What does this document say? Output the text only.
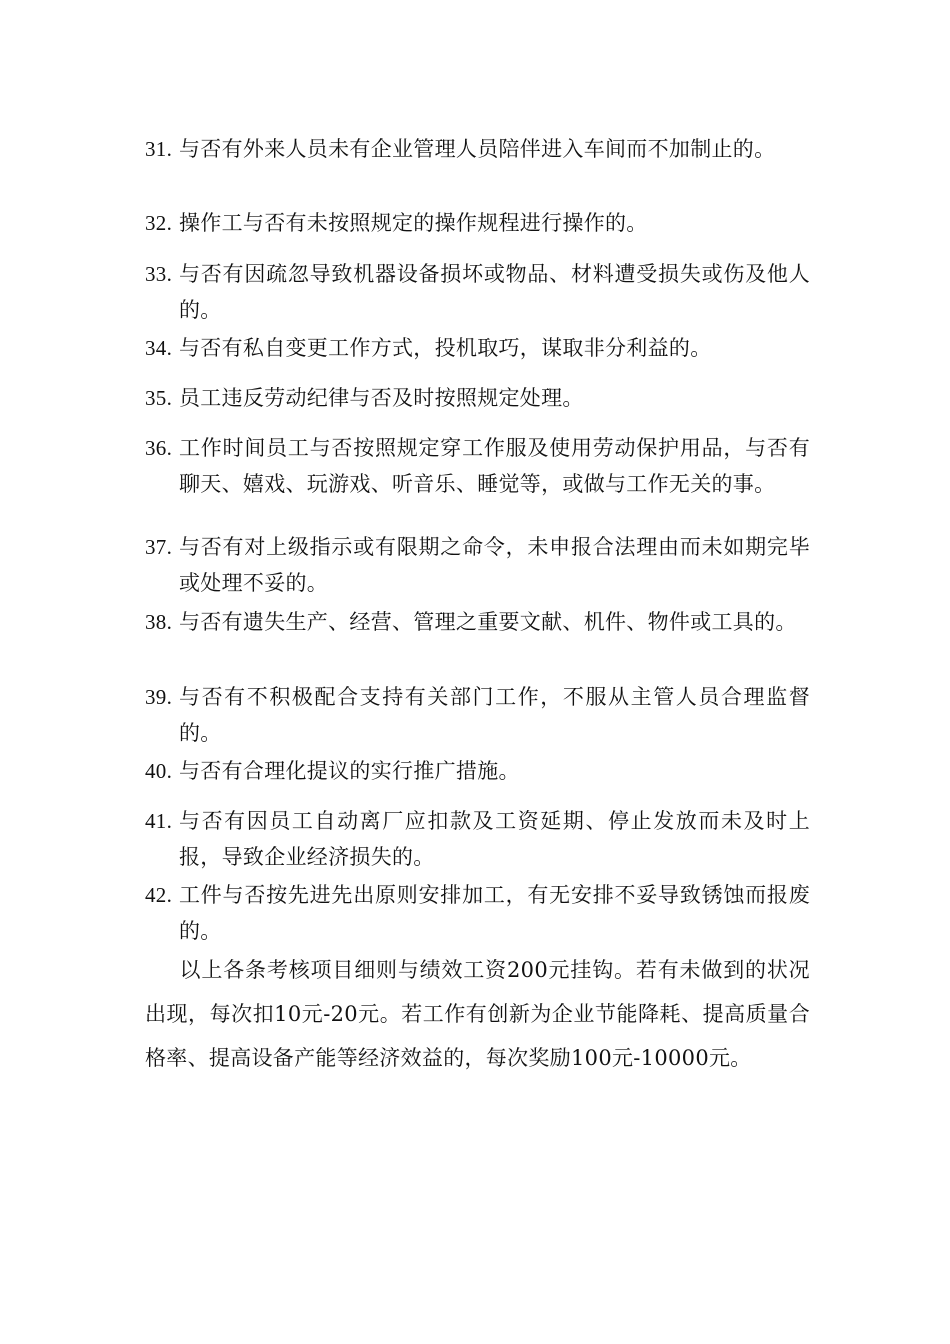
31. 与否有外来人员未有企业管理人员陪伴进入车间而不加制止的。
32. 操作工与否有未按照规定的操作规程进行操作的。
33. 与否有因疏忽导致机器设备损坏或物品、材料遭受损失或伤及他人的。
34. 与否有私自变更工作方式，投机取巧，谋取非分利益的。
35. 员工违反劳动纪律与否及时按照规定处理。
36. 工作时间员工与否按照规定穿工作服及使用劳动保护用品，与否有聊天、嬉戏、玩游戏、听音乐、睡觉等，或做与工作无关的事。
37. 与否有对上级指示或有限期之命令，未申报合法理由而未如期完毕或处理不妥的。
38. 与否有遗失生产、经营、管理之重要文献、机件、物件或工具的。
39. 与否有不积极配合支持有关部门工作，不服从主管人员合理监督的。
40. 与否有合理化提议的实行推广措施。
41. 与否有因员工自动离厂应扣款及工资延期、停止发放而未及时上报，导致企业经济损失的。
42. 工件与否按先进先出原则安排加工，有无安排不妥导致锈蚀而报废的。
以上各条考核项目细则与绩效工资200元挂钩。若有未做到的状况出现，每次扣10元-20元。若工作有创新为企业节能降耗、提高质量合格率、提高设备产能等经济效益的，每次奖励100元-10000元。
